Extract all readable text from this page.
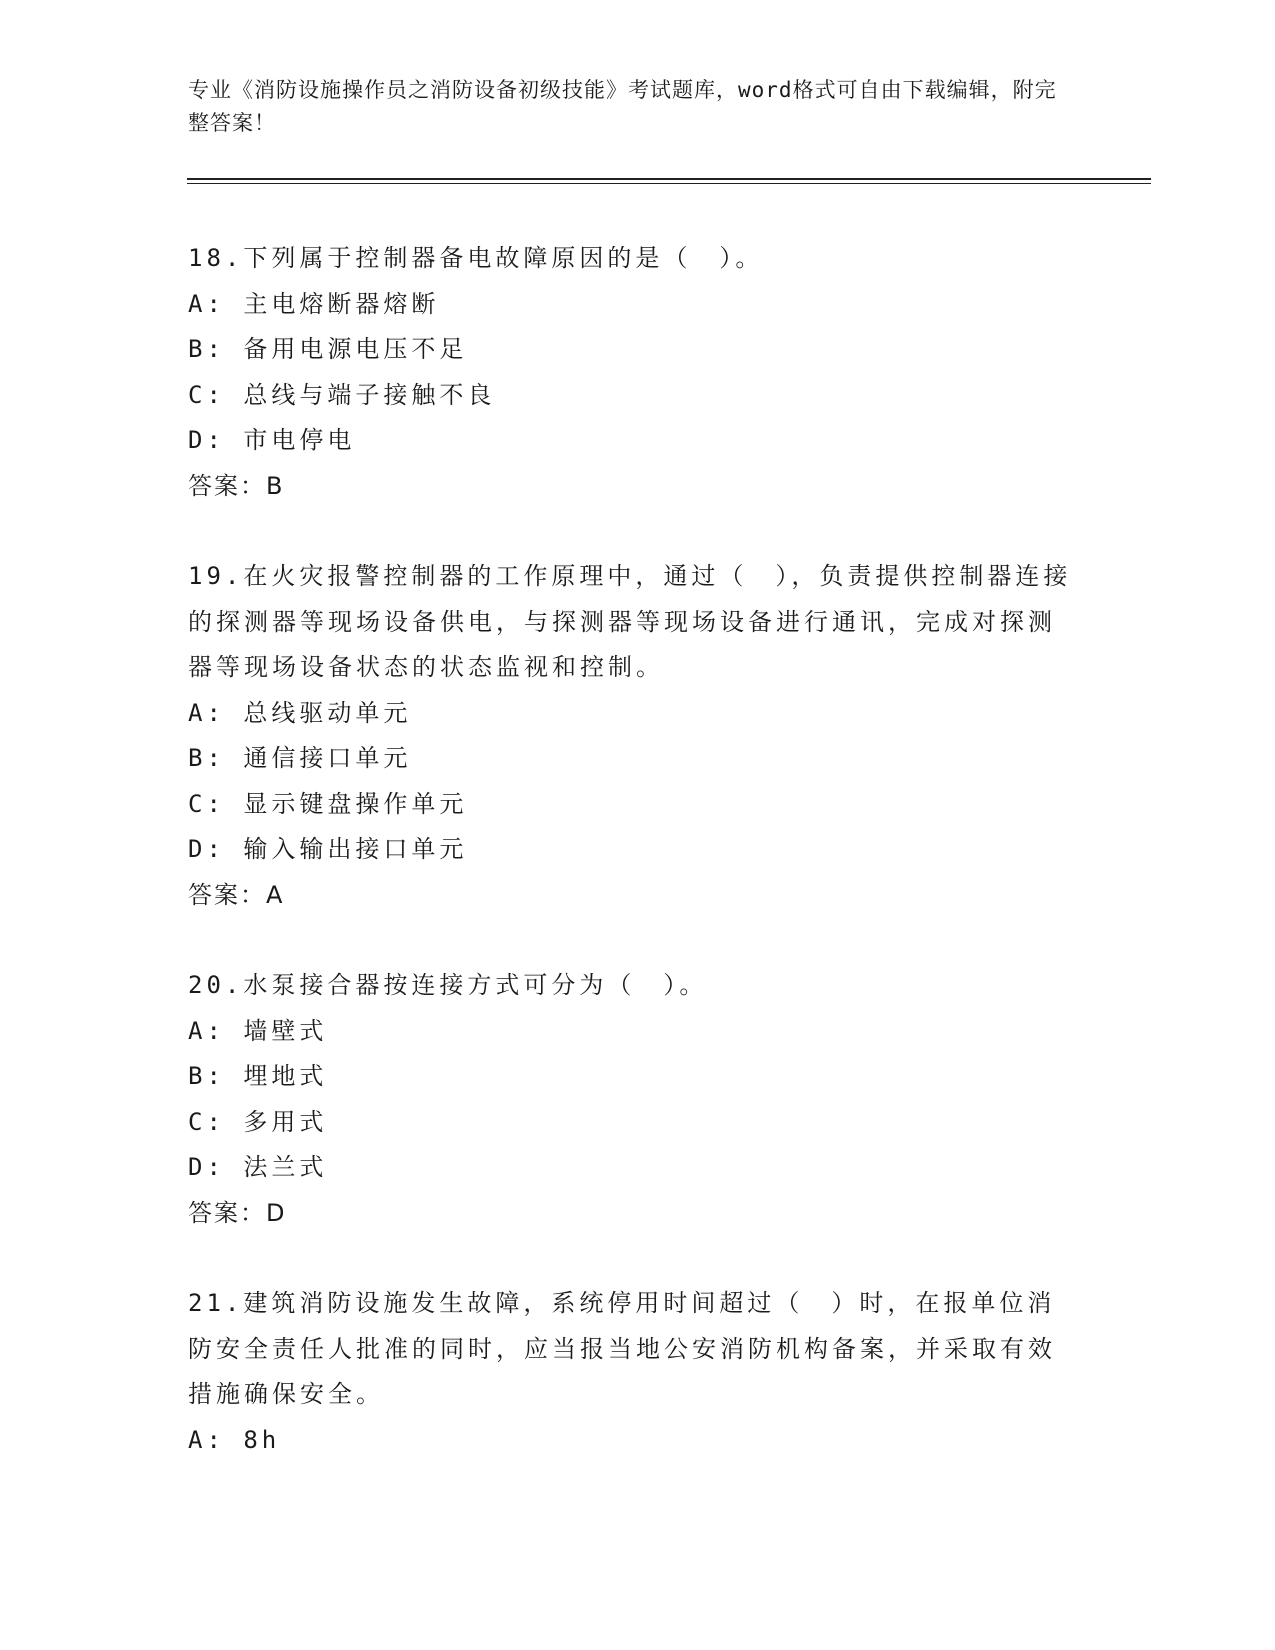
专业《消防设施操作员之消防设备初级技能》考试题库，word格式可自由下载编辑，附完整答案！
18.下列属于控制器备电故障原因的是（　）。
A: 主电熔断器熔断
B: 备用电源电压不足
C: 总线与端子接触不良
D: 市电停电
答案：B
19.在火灾报警控制器的工作原理中，通过（　），负责提供控制器连接的探测器等现场设备供电，与探测器等现场设备进行通讯，完成对探测器等现场设备状态的状态监视和控制。
A: 总线驱动单元
B: 通信接口单元
C: 显示键盘操作单元
D: 输入输出接口单元
答案：A
20.水泵接合器按连接方式可分为（　）。
A: 墙壁式
B: 埋地式
C: 多用式
D: 法兰式
答案：D
21.建筑消防设施发生故障，系统停用时间超过（　）时，在报单位消防安全责任人批准的同时，应当报当地公安消防机构备案，并采取有效措施确保安全。
A: 8h
